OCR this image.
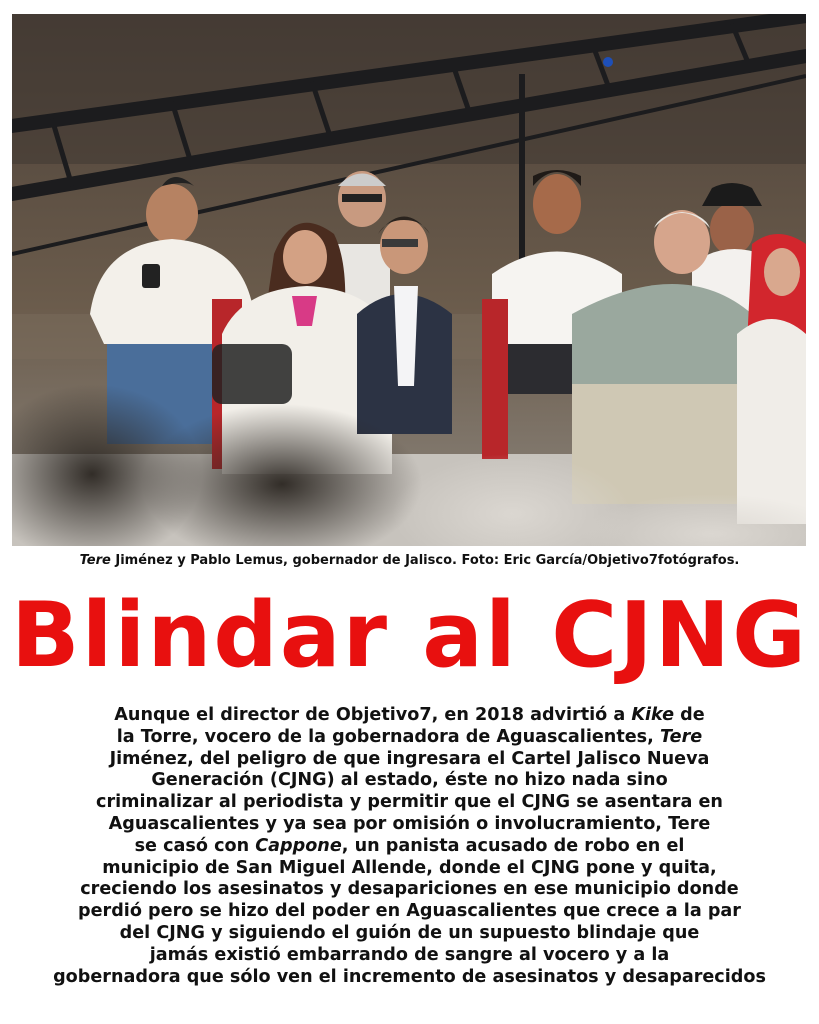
Tere Jiménez y Pablo Lemus, gobernador de Jalisco. Foto: Eric García/Objetivo7fotógrafos.
Blindar al CJNG
Aunque el director de Objetivo7, en 2018 advirtió a Kike de
la Torre, vocero de la gobernadora de Aguascalientes, Tere
Jiménez, del peligro de que ingresara el Cartel Jalisco Nueva
Generación (CJNG) al estado, éste no hizo nada sino
criminalizar al periodista y permitir que el CJNG se asentara en
Aguascalientes y ya sea por omisión o involucramiento, Tere
se casó con Cappone, un panista acusado de robo en el
municipio de San Miguel Allende, donde el CJNG pone y quita,
creciendo los asesinatos y desapariciones en ese municipio donde
perdió pero se hizo del poder en Aguascalientes que crece a la par
del CJNG y siguiendo el guión de un supuesto blindaje que
jamás existió embarrando de sangre al vocero y a la
gobernadora que sólo ven el incremento de asesinatos y desaparecidos
